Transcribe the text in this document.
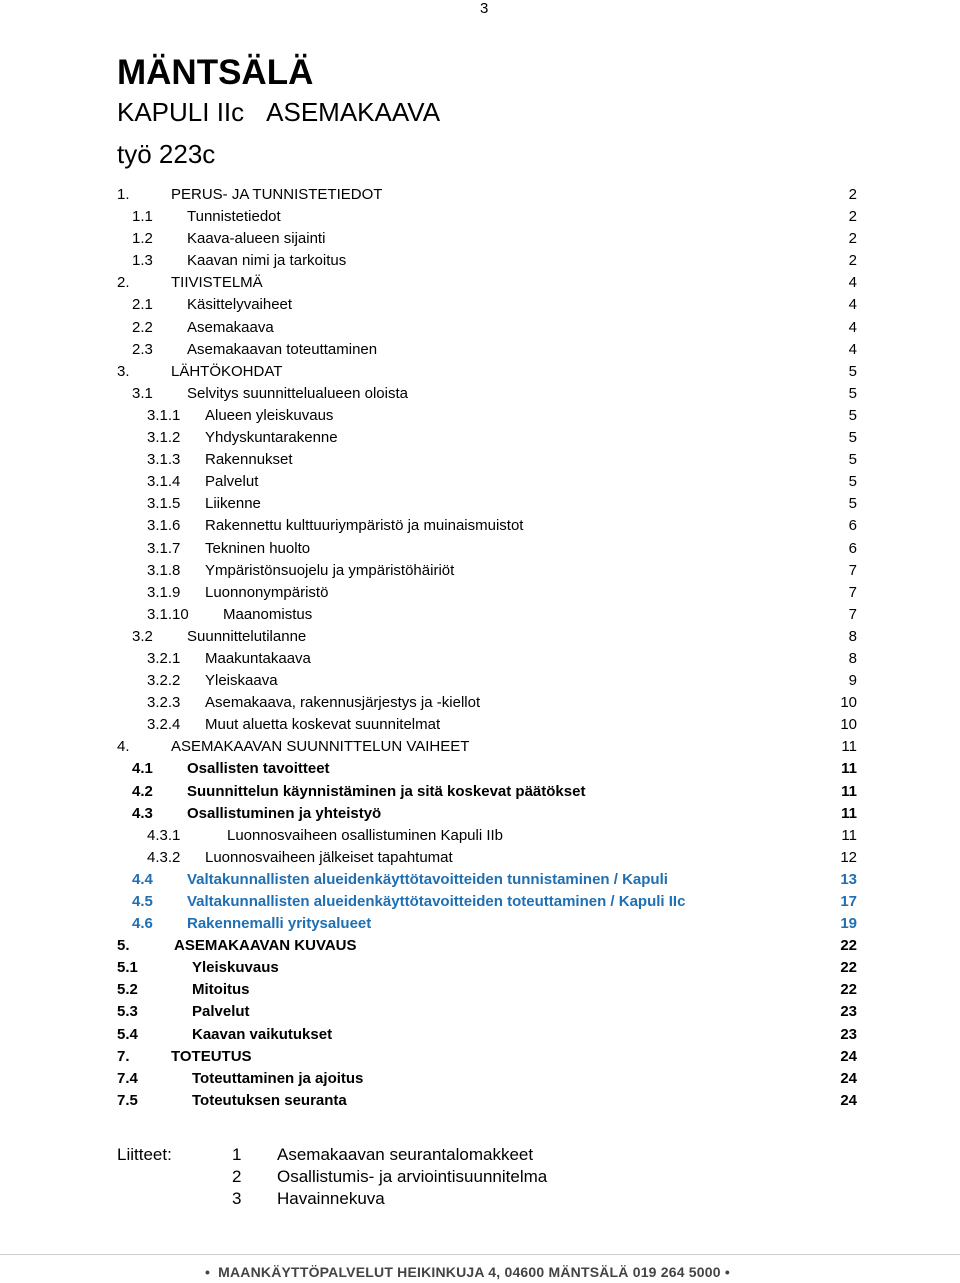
3
MÄNTSÄLÄ
KAPULI IIc ASEMAKAAVA
työ 223c
1.	PERUS- JA TUNNISTETIEDOT	2
1.1 Tunnistetiedot	2
1.2 Kaava-alueen sijainti	2
1.3 Kaavan nimi ja tarkoitus	2
2.	TIIVISTELMÄ	4
2.1 Käsittelyvaiheet	4
2.2 Asemakaava	4
2.3 Asemakaavan toteuttaminen	4
3.	LÄHTÖKOHDAT	5
3.1 Selvitys suunnittelualueen oloista	5
3.1.1 Alueen yleiskuvaus	5
3.1.2 Yhdyskuntarakenne	5
3.1.3 Rakennukset	5
3.1.4 Palvelut	5
3.1.5 Liikenne	5
3.1.6 Rakennettu kulttuuriympäristö ja muinaismuistot	6
3.1.7 Tekninen huolto	6
3.1.8 Ympäristönsuojelu ja ympäristöhäiriöt	7
3.1.9 Luonnonympäristö	7
3.1.10 Maanomistus	7
3.2 Suunnittelutilanne	8
3.2.1 Maakuntakaava	8
3.2.2 Yleiskaava	9
3.2.3 Asemakaava, rakennusjärjestys ja -kiellot	10
3.2.4 Muut aluetta koskevat suunnitelmat	10
4.	ASEMAKAAVAN SUUNNITTELUN VAIHEET	11
4.1 Osallisten tavoitteet	11
4.2 Suunnittelun käynnistäminen ja sitä koskevat päätökset	11
4.3 Osallistuminen ja yhteistyö	11
4.3.1	Luonnosvaiheen osallistuminen Kapuli IIb	11
4.3.2 Luonnosvaiheen jälkeiset tapahtumat	12
4.4 Valtakunnallisten alueidenkäyttötavoitteiden tunnistaminen / Kapuli	13
4.5 Valtakunnallisten alueidenkäyttötavoitteiden toteuttaminen / Kapuli IIc	17
4.6 Rakennemalli yritysalueet	19
5.	ASEMAKAAVAN KUVAUS	22
5.1	Yleiskuvaus	22
5.2	Mitoitus	22
5.3	Palvelut	23
5.4	Kaavan vaikutukset	23
7.	TOTEUTUS	24
7.4	Toteuttaminen ja ajoitus	24
7.5	Toteutuksen seuranta	24
Liitteet:	1 Asemakaavan seurantalomakkeet
2 Osallistumis- ja arviointisuunnitelma
3 Havainnekuva
• MAANKÄYTTÖPALVELUT HEIKINKUJA 4, 04600 MÄNTSÄLÄ 019 264 5000 •
